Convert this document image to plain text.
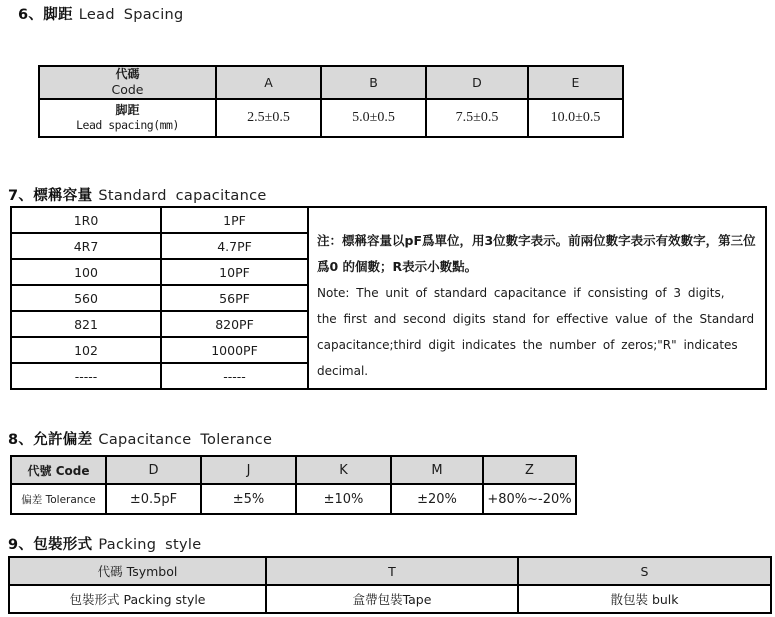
6、脚距 Lead Spacing
代碼
Code	A	B	D	E

脚距
Lead spacing(mm)	2.5±0.5	5.0±0.5	7.5±0.5	10.0±0.5
7、標稱容量 Standard capacitance
1R0	1PF	
注：標稱容量以pF爲單位，用3位數字表示。前兩位數字表示有效數字，第三位
爲0 的個數；R表示小數點。
Note: The unit of standard capacitance if consisting of 3 digits,
the first and second digits stand for effective value of the Standard
capacitance;third digit indicates the number of zeros;"R" indicates
decimal.

4R7	4.7PF	
100	10PF	
560	56PF	
821	820PF	
102	1000PF	
-----	-----	
8、允許偏差 Capacitance Tolerance
代號 Code	D	J	K	M	Z
偏差 Tolerance	±0.5pF	±5%	±10%	±20%	+80%~-20%
9、包裝形式 Packing style
代碼 Tsymbol	T	S
包裝形式 Packing style	盒帶包裝Tape	散包裝 bulk
